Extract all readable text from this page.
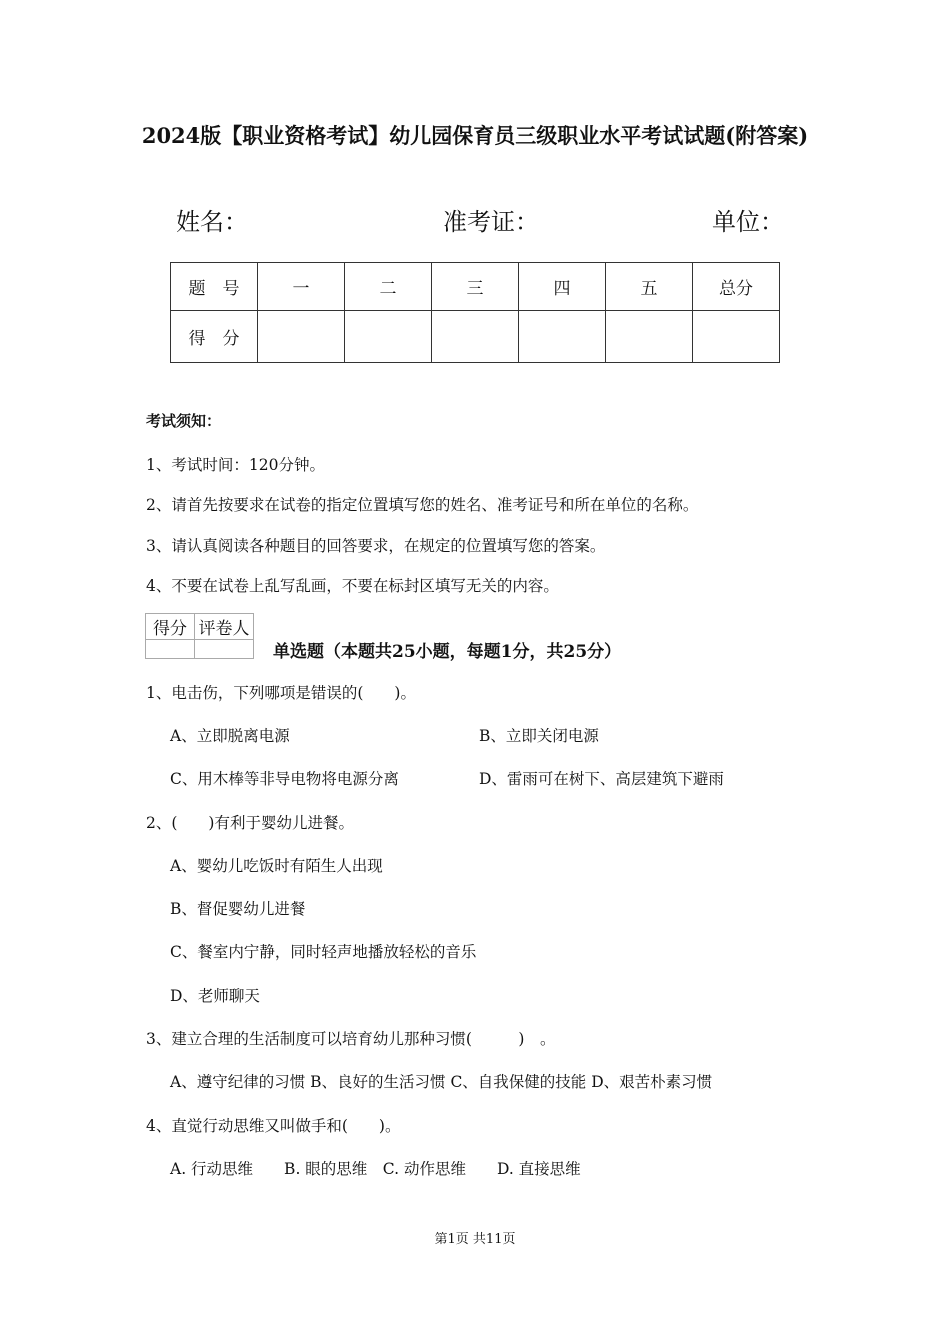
2024版【职业资格考试】幼儿园保育员三级职业水平考试试题(附答案)
姓名：	准考证：	单位：
题　号	一	二	三	四	五	总分
得　分						
考试须知：
1、考试时间：120分钟。
2、请首先按要求在试卷的指定位置填写您的姓名、准考证号和所在单位的名称。
3、请认真阅读各种题目的回答要求，在规定的位置填写您的答案。
4、不要在试卷上乱写乱画，不要在标封区填写无关的内容。
得分	评卷人

单选题（本题共25小题，每题1分，共25分）
1、电击伤，下列哪项是错误的(　　)。
A、立即脱离电源	B、立即关闭电源
C、用木棒等非导电物将电源分离	D、雷雨可在树下、高层建筑下避雨
2、(　　)有利于婴幼儿进餐。
A、婴幼儿吃饭时有陌生人出现
B、督促婴幼儿进餐
C、餐室内宁静，同时轻声地播放轻松的音乐
D、老师聊天
3、建立合理的生活制度可以培育幼儿那种习惯(　　　)　。
A、遵守纪律的习惯 B、良好的生活习惯 C、自我保健的技能 D、艰苦朴素习惯
4、直觉行动思维又叫做手和(　　)。
A. 行动思维　　B. 眼的思维　C. 动作思维　　D. 直接思维
第1页 共11页
